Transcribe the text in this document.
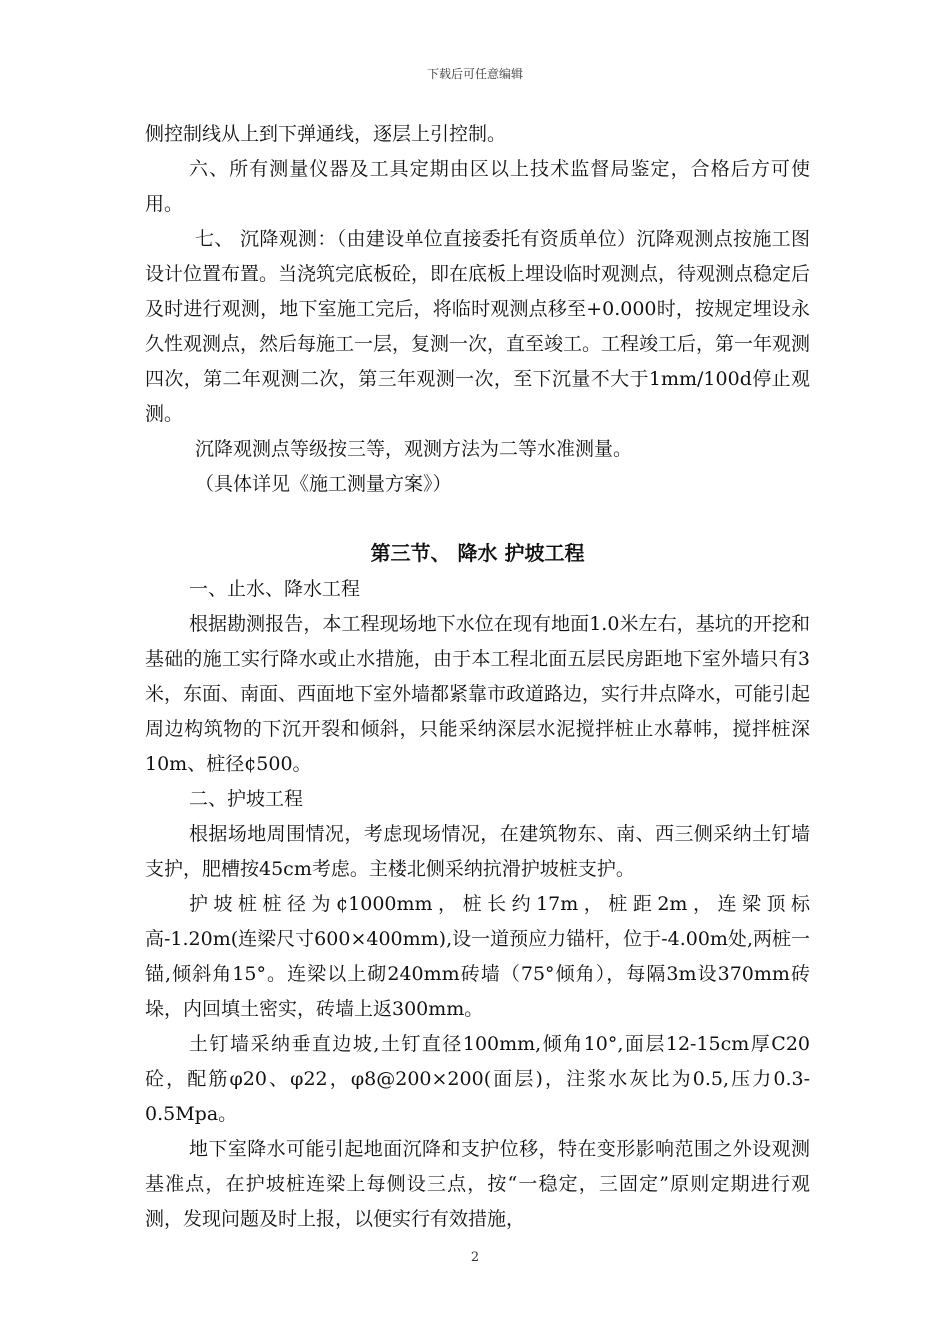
下载后可任意编辑

侧控制线从上到下弹通线，逐层上引控制。

六、所有测量仪器及工具定期由区以上技术监督局鉴定，合格后方可使用。

七、 沉降观测：（由建设单位直接委托有资质单位）沉降观测点按施工图设计位置布置。当浇筑完底板砼，即在底板上埋设临时观测点，待观测点稳定后及时进行观测，地下室施工完后，将临时观测点移至+0.000时，按规定埋设永久性观测点，然后每施工一层，复测一次，直至竣工。工程竣工后，第一年观测四次，第二年观测二次，第三年观测一次，至下沉量不大于1mm/100d停止观测。

沉降观测点等级按三等，观测方法为二等水准测量。

（具体详见《施工测量方案》）

第三节、 降水 护坡工程

一、止水、降水工程

根据勘测报告，本工程现场地下水位在现有地面1.0米左右，基坑的开挖和基础的施工实行降水或止水措施，由于本工程北面五层民房距地下室外墙只有3米，东面、南面、西面地下室外墙都紧靠市政道路边，实行井点降水，可能引起周边构筑物的下沉开裂和倾斜，只能采纳深层水泥搅拌桩止水幕帏，搅拌桩深10m、桩径¢500。

二、护坡工程

根据场地周围情况，考虑现场情况，在建筑物东、南、西三侧采纳土钉墙支护，肥槽按45cm考虑。主楼北侧采纳抗滑护坡桩支护。

护坡桩桩径为¢1000mm，桩长约17m，桩距2m，连梁顶标高-1.20m(连梁尺寸600×400mm),设一道预应力锚杆，位于-4.00m处,两桩一锚,倾斜角15°。连梁以上砌240mm砖墙（75°倾角），每隔3m设370mm砖垛，内回填土密实，砖墙上返300mm。

土钉墙采纳垂直边坡,土钉直径100mm,倾角10°,面层12-15cm厚C20砼，配筋φ20、φ22，φ8@200×200(面层)，注浆水灰比为0.5,压力0.3-0.5Mpa。

地下室降水可能引起地面沉降和支护位移，特在变形影响范围之外设观测基准点，在护坡桩连梁上每侧设三点，按“一稳定，三固定”原则定期进行观测，发现问题及时上报，以便实行有效措施，

2
